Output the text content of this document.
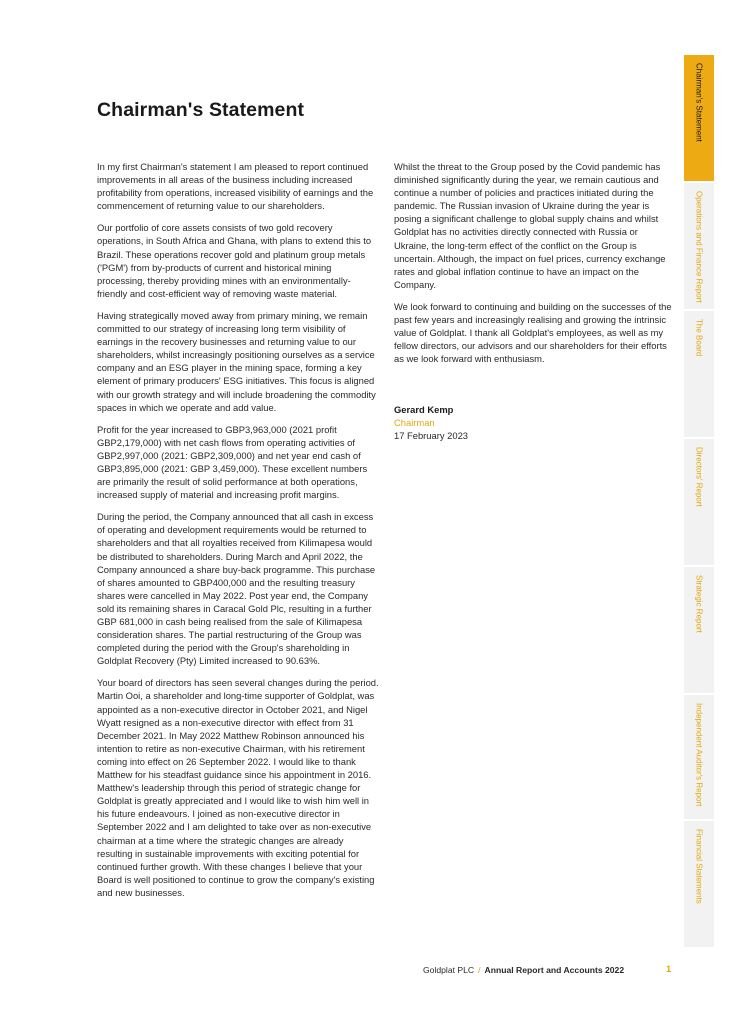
Chairman's Statement

In my first Chairman's statement I am pleased to report continued improvements in all areas of the business including increased profitability from operations, increased visibility of earnings and the commencement of returning value to our shareholders.

Our portfolio of core assets consists of two gold recovery operations, in South Africa and Ghana, with plans to extend this to Brazil. These operations recover gold and platinum group metals ('PGM') from by-products of current and historical mining processing, thereby providing mines with an environmentally-friendly and cost-efficient way of removing waste material.

Having strategically moved away from primary mining, we remain committed to our strategy of increasing long term visibility of earnings in the recovery businesses and returning value to our shareholders, whilst increasingly positioning ourselves as a service company and an ESG player in the mining space, forming a key element of primary producers' ESG initiatives. This focus is aligned with our growth strategy and will include broadening the commodity spaces in which we operate and add value.

Profit for the year increased to GBP3,963,000 (2021 profit GBP2,179,000) with net cash flows from operating activities of GBP2,997,000 (2021: GBP2,309,000) and net year end cash of GBP3,895,000 (2021: GBP 3,459,000). These excellent numbers are primarily the result of solid performance at both operations, increased supply of material and increasing profit margins.

During the period, the Company announced that all cash in excess of operating and development requirements would be returned to shareholders and that all royalties received from Kilimapesa would be distributed to shareholders. During March and April 2022, the Company announced a share buy-back programme. This purchase of shares amounted to GBP400,000 and the resulting treasury shares were cancelled in May 2022. Post year end, the Company sold its remaining shares in Caracal Gold Plc, resulting in a further GBP 681,000 in cash being realised from the sale of Kilimapesa consideration shares. The partial restructuring of the Group was completed during the period with the Group's shareholding in Goldplat Recovery (Pty) Limited increased to 90.63%.

Your board of directors has seen several changes during the period. Martin Ooi, a shareholder and long-time supporter of Goldplat, was appointed as a non-executive director in October 2021, and Nigel Wyatt resigned as a non-executive director with effect from 31 December 2021. In May 2022 Matthew Robinson announced his intention to retire as non-executive Chairman, with his retirement coming into effect on 26 September 2022. I would like to thank Matthew for his steadfast guidance since his appointment in 2016. Matthew's leadership through this period of strategic change for Goldplat is greatly appreciated and I would like to wish him well in his future endeavours. I joined as non-executive director in September 2022 and I am delighted to take over as non-executive chairman at a time where the strategic changes are already resulting in sustainable improvements with exciting potential for continued further growth. With these changes I believe that your Board is well positioned to continue to grow the company's existing and new businesses.

Whilst the threat to the Group posed by the Covid pandemic has diminished significantly during the year, we remain cautious and continue a number of policies and practices initiated during the pandemic. The Russian invasion of Ukraine during the year is posing a significant challenge to global supply chains and whilst Goldplat has no activities directly connected with Russia or Ukraine, the long-term effect of the conflict on the Group is uncertain. Although, the impact on fuel prices, currency exchange rates and global inflation continue to have an impact on the Company.

We look forward to continuing and building on the successes of the past few years and increasingly realising and growing the intrinsic value of Goldplat. I thank all Goldplat's employees, as well as my fellow directors, our advisors and our shareholders for their efforts as we look forward with enthusiasm.

Gerard Kemp
Chairman
17 February 2023
Chairman's Statement
Operations and Finance Report
The Board
Directors' Report
Strategic Report
Independent Auditor's Report
Financial Statements
Goldplat PLC / Annual Report and Accounts 2022	1
